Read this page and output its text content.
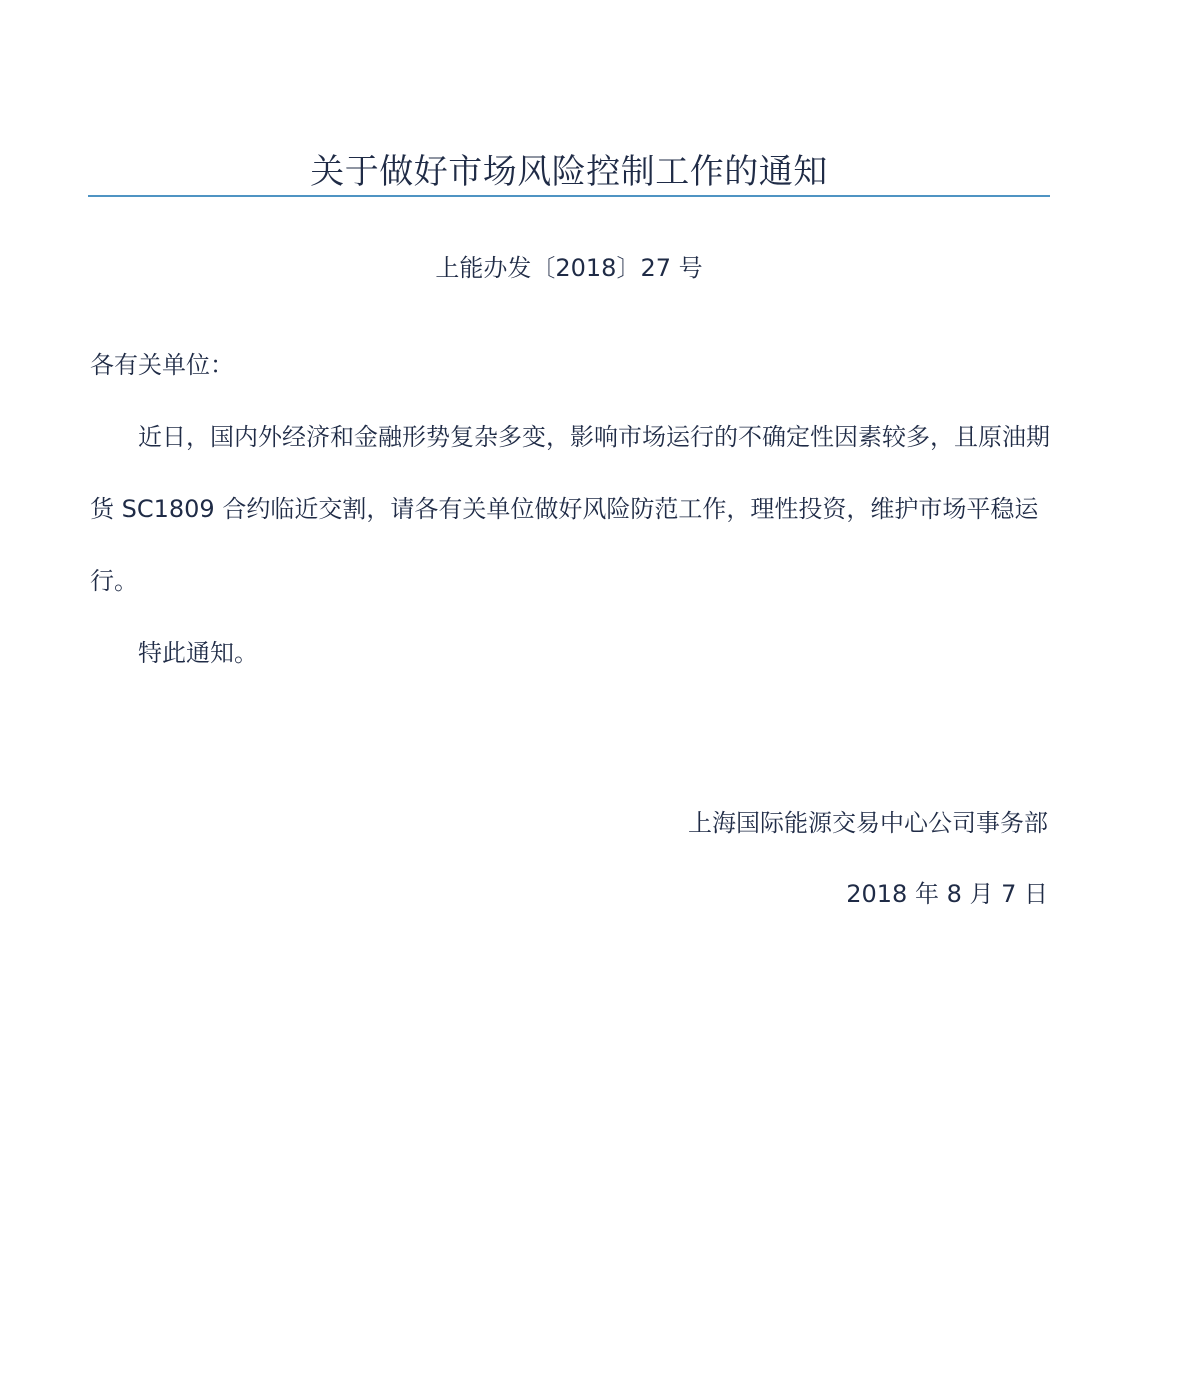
关于做好市场风险控制工作的通知
上能办发〔2018〕27 号

各有关单位：

近日，国内外经济和金融形势复杂多变，影响市场运行的不确定性因素较多，且原油期货 SC1809 合约临近交割，请各有关单位做好风险防范工作，理性投资，维护市场平稳运行。

特此通知。

上海国际能源交易中心公司事务部
2018 年 8 月 7 日
